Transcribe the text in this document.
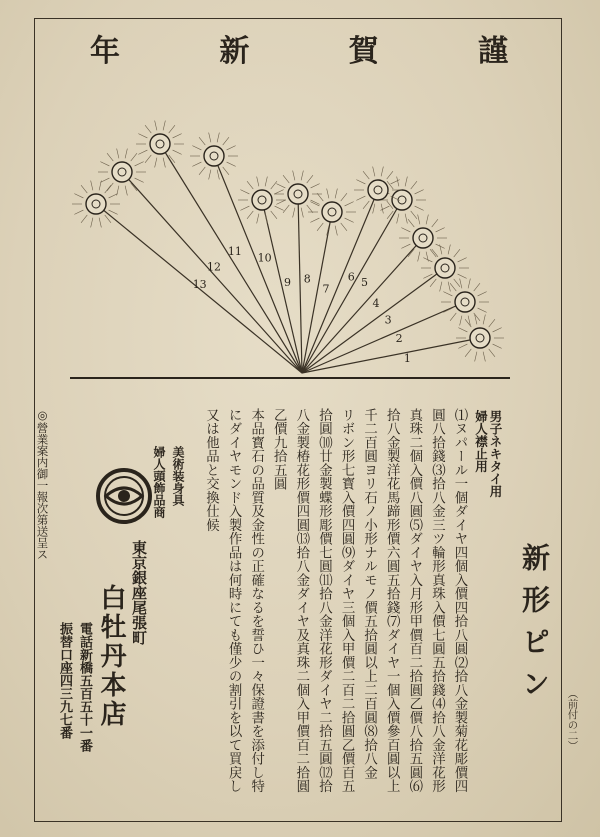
謹
賀
新
年
1
2
3
4
5
6
7
8
9
10
11
12
13
（前付の二）
新形ピン
男子ネキタイ用
婦人襟止用

⑴ヌパール一個ダイヤ四個入價四拾八圓⑵拾八金製菊花彫價四

圓八拾錢⑶拾八金三ツ輪形真珠入價七圓五拾錢⑷拾八金洋花形

真珠二個入價八圓⑸ダイヤ入月形甲價百二拾圓乙價八拾五圓⑹

拾八金製洋花馬蹄形價六圓五拾錢⑺ダイヤ一個入價參百圓以上

千二百圓ヨリ石ノ小形ナルモノ價五拾圓以上二百圓⑻拾八金

リボン形七寳入價四圓⑼ダイヤ三個入甲價二百二拾圓乙價百五

拾圓⑽廿金製蝶形彫價七圓⑾拾八金洋花形ダイヤ二拾五圓⑿拾

八金製椿花形價四圓⒀拾八金ダイヤ及真珠二個入甲價百二拾圓

乙價九拾五圓

本品寳石の品質及金性の正確なるを誓ひ一々保證書を添付し特

にダイヤモンド入製作品は何時にても僅少の割引を以て買戻し

又は他品と交換仕候

美術装身具
婦人頭飾品商
東京銀座尾張町
白牡丹本店
電話新橋五百五十一番
振替口座四三九七番
◎營業案内御一報次第送呈ス
